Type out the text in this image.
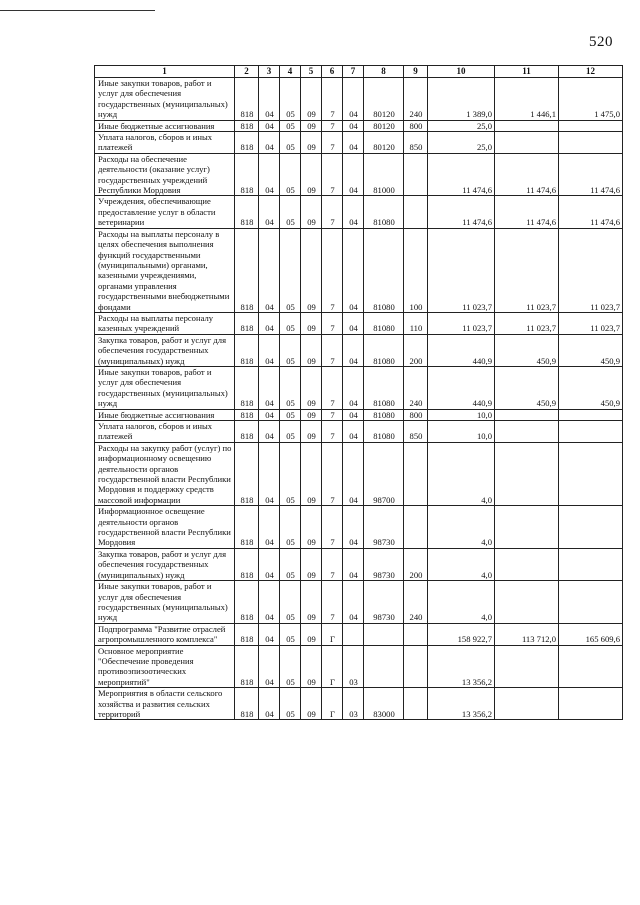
520
1	2	3	4	5	6	7	8	9	10	11	12
Иные закупки товаров, работ и услуг для обеспечения государственных (муниципальных) нужд	818	04	05	09	7	04	80120	240	1 389,0	1 446,1	1 475,0
Иные бюджетные ассигнования	818	04	05	09	7	04	80120	800	25,0		
Уплата налогов, сборов и иных платежей	818	04	05	09	7	04	80120	850	25,0		
Расходы на обеспечение деятельности (оказание услуг) государственных учреждений Республики Мордовия	818	04	05	09	7	04	81000		11 474,6	11 474,6	11 474,6
Учреждения, обеспечивающие предоставление услуг в области ветеринарии	818	04	05	09	7	04	81080		11 474,6	11 474,6	11 474,6
Расходы на выплаты персоналу в целях обеспечения выполнения функций государственными (муниципальными) органами, казенными учреждениями, органами управления государственными внебюджетными фондами	818	04	05	09	7	04	81080	100	11 023,7	11 023,7	11 023,7
Расходы на выплаты персоналу казенных учреждений	818	04	05	09	7	04	81080	110	11 023,7	11 023,7	11 023,7
Закупка товаров, работ и услуг для обеспечения государственных (муниципальных) нужд	818	04	05	09	7	04	81080	200	440,9	450,9	450,9
Иные закупки товаров, работ и услуг для обеспечения государственных (муниципальных) нужд	818	04	05	09	7	04	81080	240	440,9	450,9	450,9
Иные бюджетные ассигнования	818	04	05	09	7	04	81080	800	10,0		
Уплата налогов, сборов и иных платежей	818	04	05	09	7	04	81080	850	10,0		
Расходы на закупку работ (услуг) по информационному освещению деятельности органов государственной власти Республики Мордовия и поддержку средств массовой информации	818	04	05	09	7	04	98700		4,0		
Информационное освещение деятельности органов государственной власти Республики Мордовия	818	04	05	09	7	04	98730		4,0		
Закупка товаров, работ и услуг для обеспечения государственных (муниципальных) нужд	818	04	05	09	7	04	98730	200	4,0		
Иные закупки товаров, работ и услуг для обеспечения государственных (муниципальных) нужд	818	04	05	09	7	04	98730	240	4,0		
Подпрограмма "Развитие отраслей агропромышленного комплекса"	818	04	05	09	Г				158 922,7	113 712,0	165 609,6
Основное мероприятие "Обеспечение проведения противоэпизоотических мероприятий"	818	04	05	09	Г	03			13 356,2		
Мероприятия в области сельского хозяйства и развития сельских территорий	818	04	05	09	Г	03	83000		13 356,2		
